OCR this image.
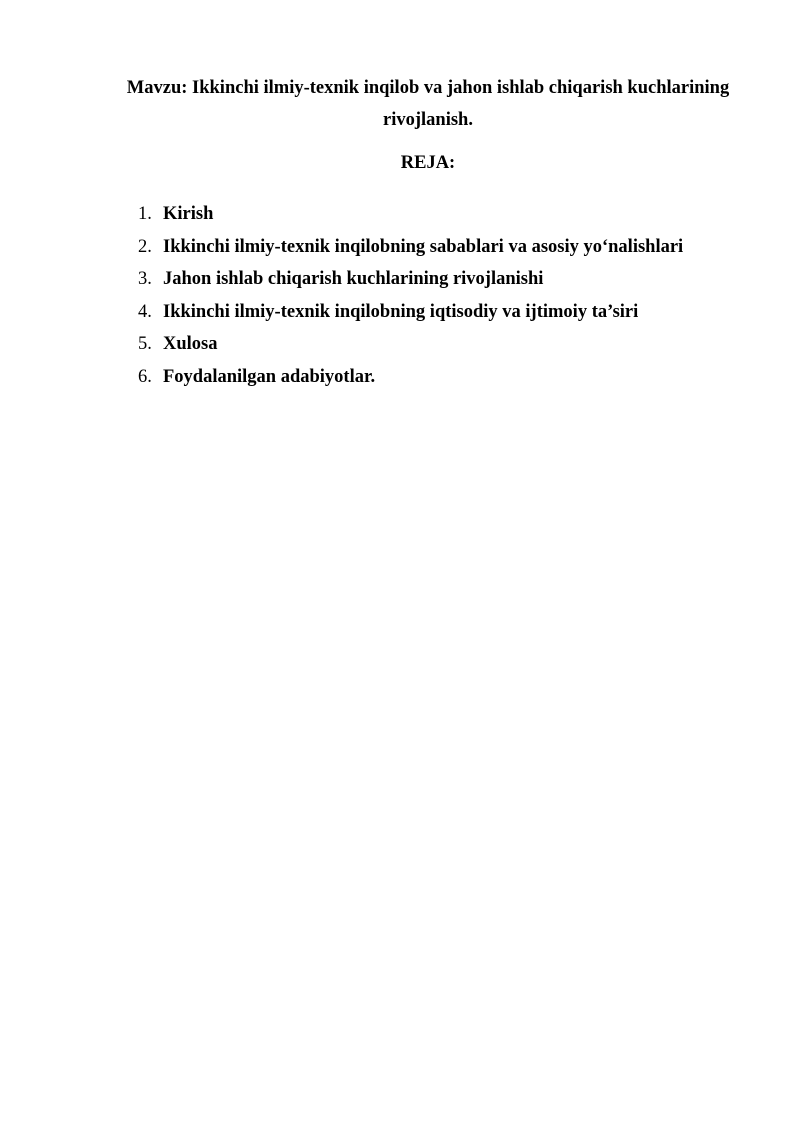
Mavzu: Ikkinchi ilmiy-texnik inqilob va jahon ishlab chiqarish kuchlarining rivojlanish.

REJA:

1. Kirish
2. Ikkinchi ilmiy-texnik inqilobning sabablari va asosiy yo‘nalishlari
3. Jahon ishlab chiqarish kuchlarining rivojlanishi
4. Ikkinchi ilmiy-texnik inqilobning iqtisodiy va ijtimoiy ta’siri
5. Xulosa
6. Foydalanilgan adabiyotlar.
